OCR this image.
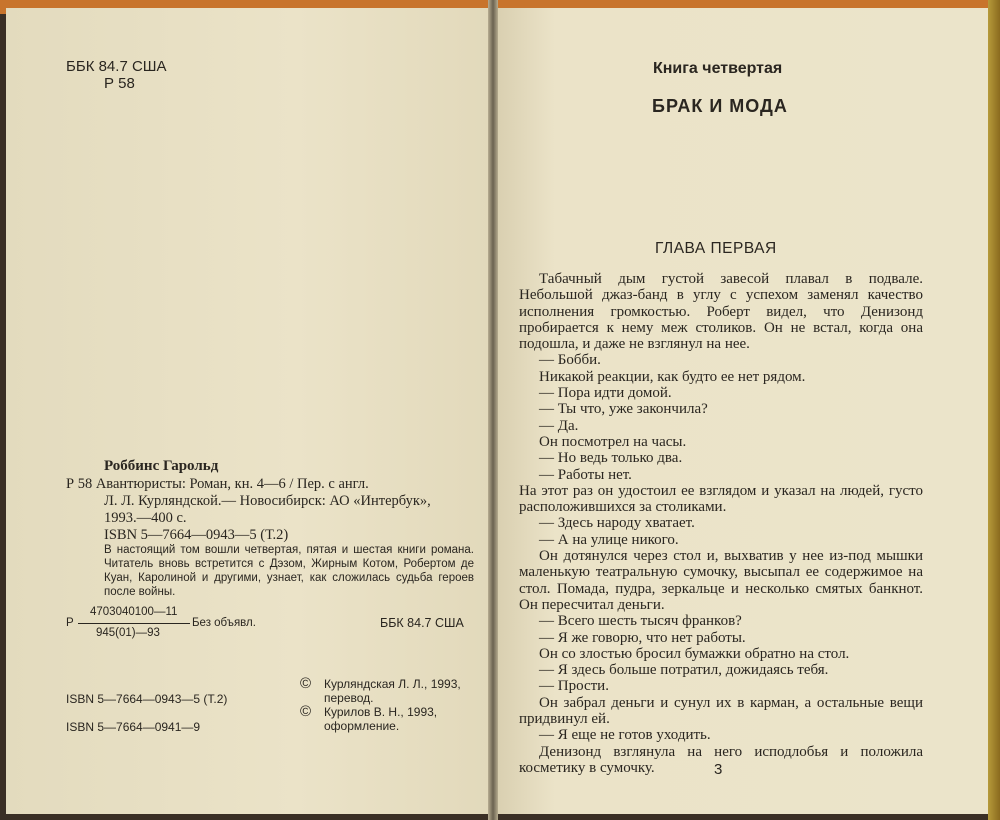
ББК 84.7 США
Р 58
Роббинс Гарольд
Р 58 Авантюристы: Роман, кн. 4—6 / Пер. с англ.
Л. Л. Курляндской.— Новосибирск: АО «Интербук»,
1993.—400 с.
ISBN 5—7664—0943—5 (Т.2)
В настоящий том вошли четвертая, пятая и шестая книги романа. Читатель вновь встретится с Дэзом, Жирным Котом, Робертом де Куан, Каролиной и другими, узнает, как сложилась судьба героев после войны.
Р
4703040100—11
945(01)—93
Без объявл.	ББК 84.7 США
ISBN 5—7664—0943—5 (Т.2)
ISBN 5—7664—0941—9
© Курляндская Л. Л., 1993,
перевод.
© Курилов В. Н., 1993,
оформление.
Книга четвертая
БРАК И МОДА
ГЛАВА ПЕРВАЯ

Табачный дым густой завесой плавал в подвале. Небольшой джаз-банд в углу с успехом заменял качество исполнения громкостью. Роберт видел, что Денизонд пробирается к нему меж столиков. Он не встал, когда она подошла, и даже не взглянул на нее.

— Бобби.

Никакой реакции, как будто ее нет рядом.

— Пора идти домой.

— Ты что, уже закончила?

— Да.

Он посмотрел на часы.

— Но ведь только два.

— Работы нет.

На этот раз он удостоил ее взглядом и указал на людей, густо расположившихся за столиками.

— Здесь народу хватает.

— А на улице никого.

Он дотянулся через стол и, выхватив у нее из-под мышки маленькую театральную сумочку, высыпал ее содержимое на стол. Помада, пудра, зеркальце и несколько смятых банкнот. Он пересчитал деньги.

— Всего шесть тысяч франков?

— Я же говорю, что нет работы.

Он со злостью бросил бумажки обратно на стол.

— Я здесь больше потратил, дожидаясь тебя.

— Прости.

Он забрал деньги и сунул их в карман, а остальные вещи придвинул ей.

— Я еще не готов уходить.

Денизонд взглянула на него исподлобья и положила косметику в сумочку.	3
